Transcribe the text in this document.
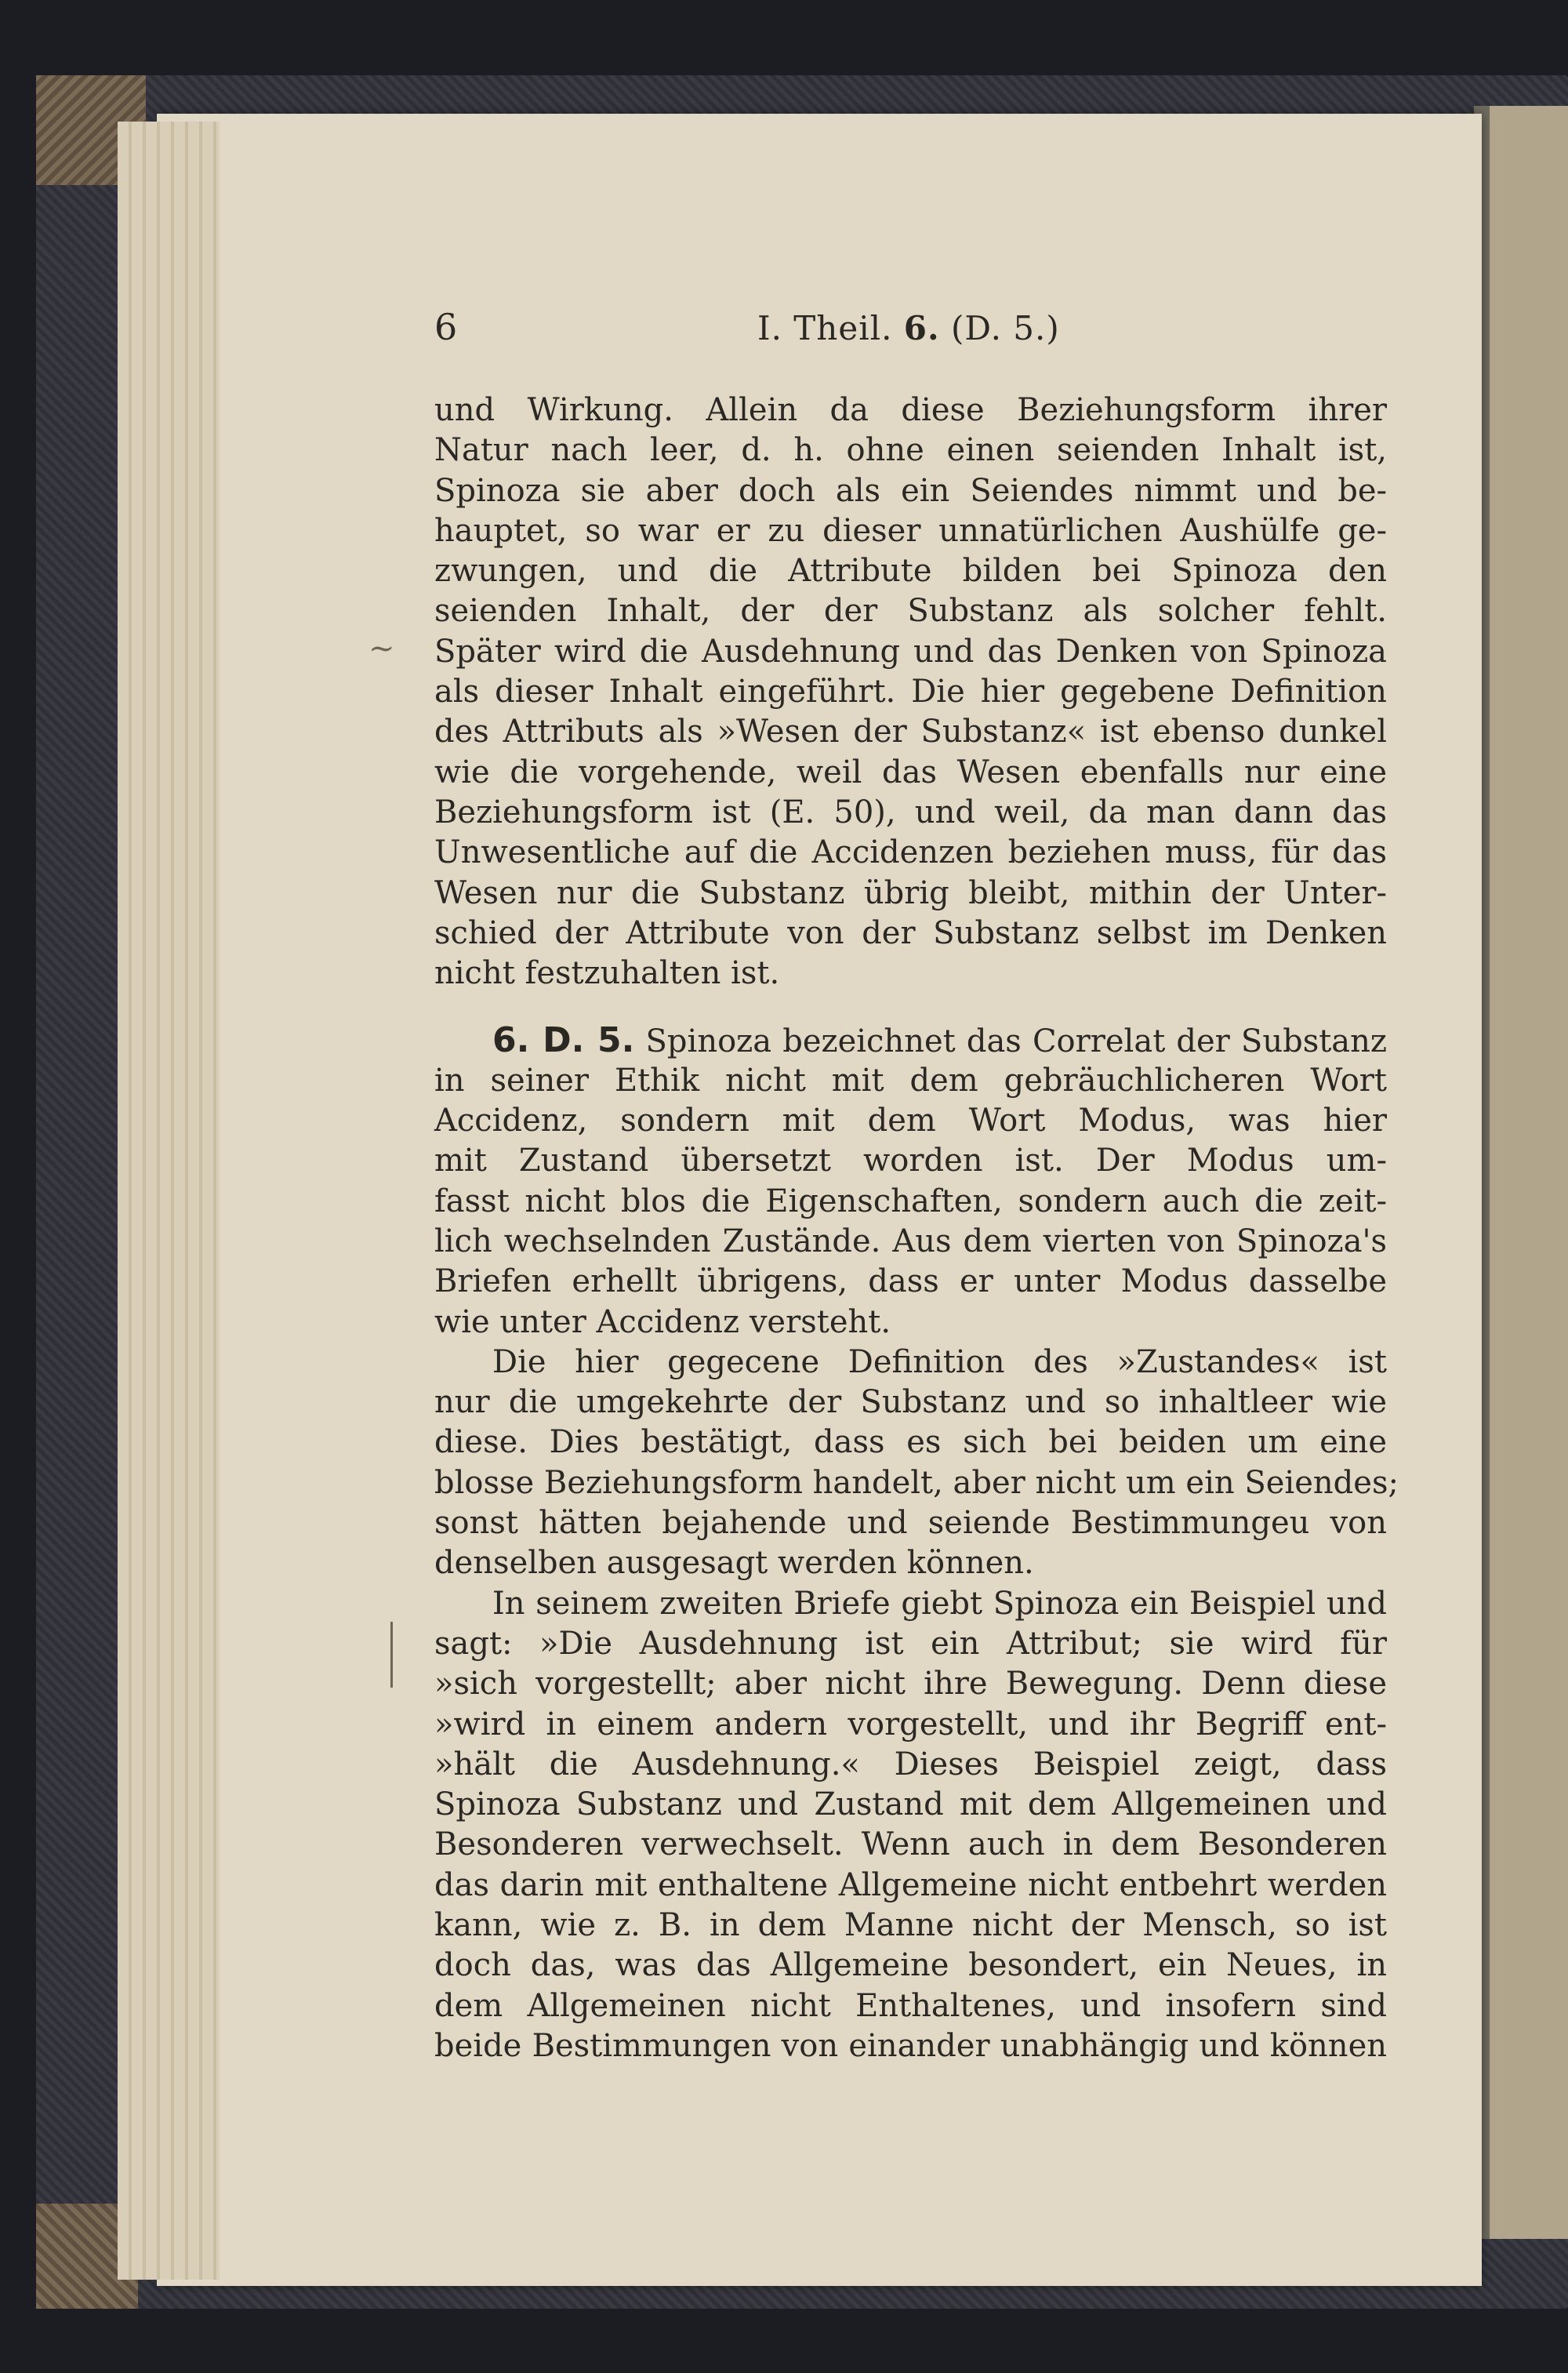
6	I. Theil. 6. (D. 5.)
~
und Wirkung. Allein da diese Beziehungsform ihrer
Natur nach leer, d. h. ohne einen seienden Inhalt ist,
Spinoza sie aber doch als ein Seiendes nimmt und be-
hauptet, so war er zu dieser unnatürlichen Aushülfe ge-
zwungen, und die Attribute bilden bei Spinoza den
seienden Inhalt, der der Substanz als solcher fehlt.
Später wird die Ausdehnung und das Denken von Spinoza
als dieser Inhalt eingeführt. Die hier gegebene Definition
des Attributs als »Wesen der Substanz« ist ebenso dunkel
wie die vorgehende, weil das Wesen ebenfalls nur eine
Beziehungsform ist (E. 50), und weil, da man dann das
Unwesentliche auf die Accidenzen beziehen muss, für das
Wesen nur die Substanz übrig bleibt, mithin der Unter-
schied der Attribute von der Substanz selbst im Denken
nicht festzuhalten ist.
6. D. 5. Spinoza bezeichnet das Correlat der Substanz
in seiner Ethik nicht mit dem gebräuchlicheren Wort
Accidenz, sondern mit dem Wort Modus, was hier
mit Zustand übersetzt worden ist. Der Modus um-
fasst nicht blos die Eigenschaften, sondern auch die zeit-
lich wechselnden Zustände. Aus dem vierten von Spinoza's
Briefen erhellt übrigens, dass er unter Modus dasselbe
wie unter Accidenz versteht.
Die hier gegecene Definition des »Zustandes« ist
nur die umgekehrte der Substanz und so inhaltleer wie
diese. Dies bestätigt, dass es sich bei beiden um eine
blosse Beziehungsform handelt, aber nicht um ein Seiendes;
sonst hätten bejahende und seiende Bestimmungeu von
denselben ausgesagt werden können.
In seinem zweiten Briefe giebt Spinoza ein Beispiel und
sagt: »Die Ausdehnung ist ein Attribut; sie wird für
»sich vorgestellt; aber nicht ihre Bewegung. Denn diese
»wird in einem andern vorgestellt, und ihr Begriff ent-
»hält die Ausdehnung.« Dieses Beispiel zeigt, dass
Spinoza Substanz und Zustand mit dem Allgemeinen und
Besonderen verwechselt. Wenn auch in dem Besonderen
das darin mit enthaltene Allgemeine nicht entbehrt werden
kann, wie z. B. in dem Manne nicht der Mensch, so ist
doch das, was das Allgemeine besondert, ein Neues, in
dem Allgemeinen nicht Enthaltenes, und insofern sind
beide Bestimmungen von einander unabhängig und können
